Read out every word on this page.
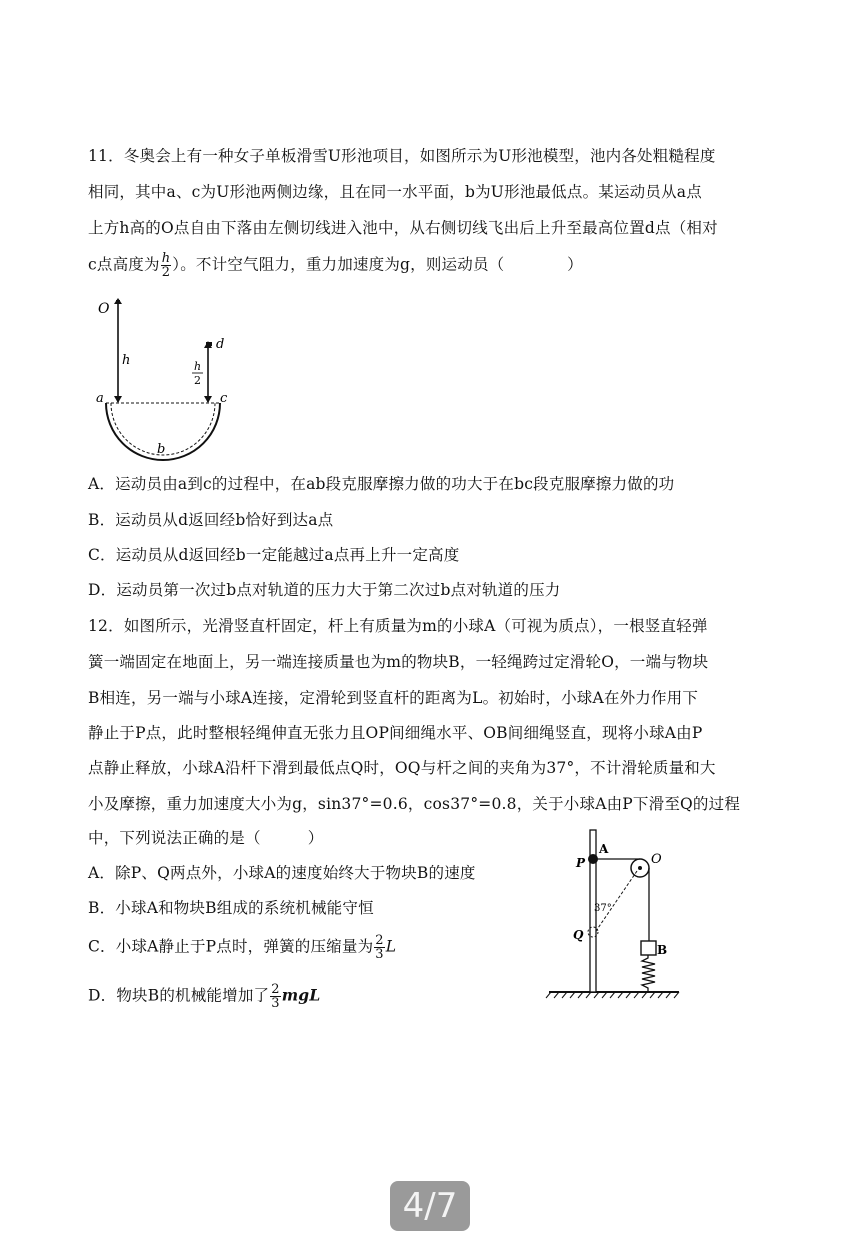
11．冬奥会上有一种女子单板滑雪U形池项目，如图所示为U形池模型，池内各处粗糙程度
相同，其中a、c为U形池两侧边缘，且在同一水平面，b为U形池最低点。某运动员从a点
上方h高的O点自由下落由左侧切线进入池中，从右侧切线飞出后上升至最高位置d点（相对
c点高度为 $\frac{h}{2}$ ）。不计空气阻力，重力加速度为g，则运动员（　　　　）
O
h
d
h
2
a	c
b
A．运动员由a到c的过程中，在ab段克服摩擦力做的功大于在bc段克服摩擦力做的功
B．运动员从d返回经b恰好到达a点
C．运动员从d返回经b一定能越过a点再上升一定高度
D．运动员第一次过b点对轨道的压力大于第二次过b点对轨道的压力
12．如图所示，光滑竖直杆固定，杆上有质量为m的小球A（可视为质点），一根竖直轻弹
簧一端固定在地面上，另一端连接质量也为m的物块B，一轻绳跨过定滑轮O，一端与物块
B相连，另一端与小球A连接，定滑轮到竖直杆的距离为L。初始时，小球A在外力作用下
静止于P点，此时整根轻绳伸直无张力且OP间细绳水平、OB间细绳竖直，现将小球A由P
点静止释放，小球A沿杆下滑到最低点Q时，OQ与杆之间的夹角为37°，不计滑轮质量和大
小及摩擦，重力加速度大小为g，sin37°=0.6，cos37°=0.8，关于小球A由P下滑至Q的过程
中，下列说法正确的是（　　　）
A．除P、Q两点外，小球A的速度始终大于物块B的速度
B．小球A和物块B组成的系统机械能守恒
C．小球A静止于P点时，弹簧的压缩量为 $\frac{2}{3}$ L
D．物块B的机械能增加了 $\frac{2}{3}$ mgL
A
P	O
37°
Q
B
4/7
